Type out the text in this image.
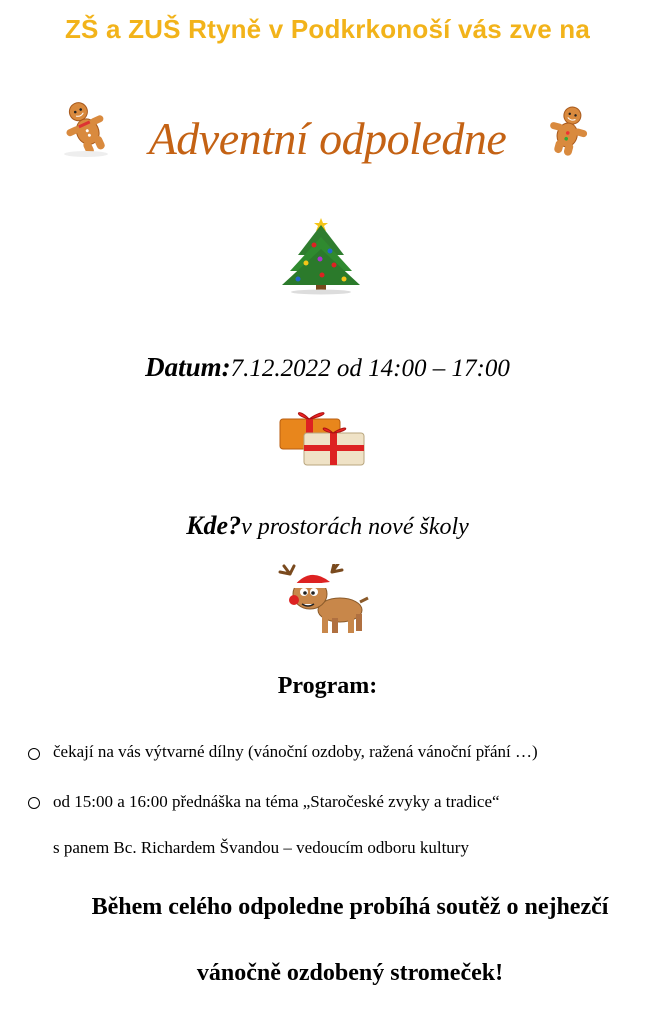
ZŠ a ZUŠ Rtyně v Podkrkonoší vás zve na
Adventní odpoledne
Datum:7.12.2022 od 14:00 – 17:00
Kde?v prostorách nové školy
Program:
čekají na vás výtvarné dílny (vánoční ozdoby, ražená vánoční přání …)
od 15:00 a 16:00 přednáška na téma „Staročeské zvyky a tradice“
s panem Bc. Richardem Švandou – vedoucím odboru kultury
Během celého odpoledne probíhá soutěž o nejhezčí
vánočně ozdobený stromeček!
